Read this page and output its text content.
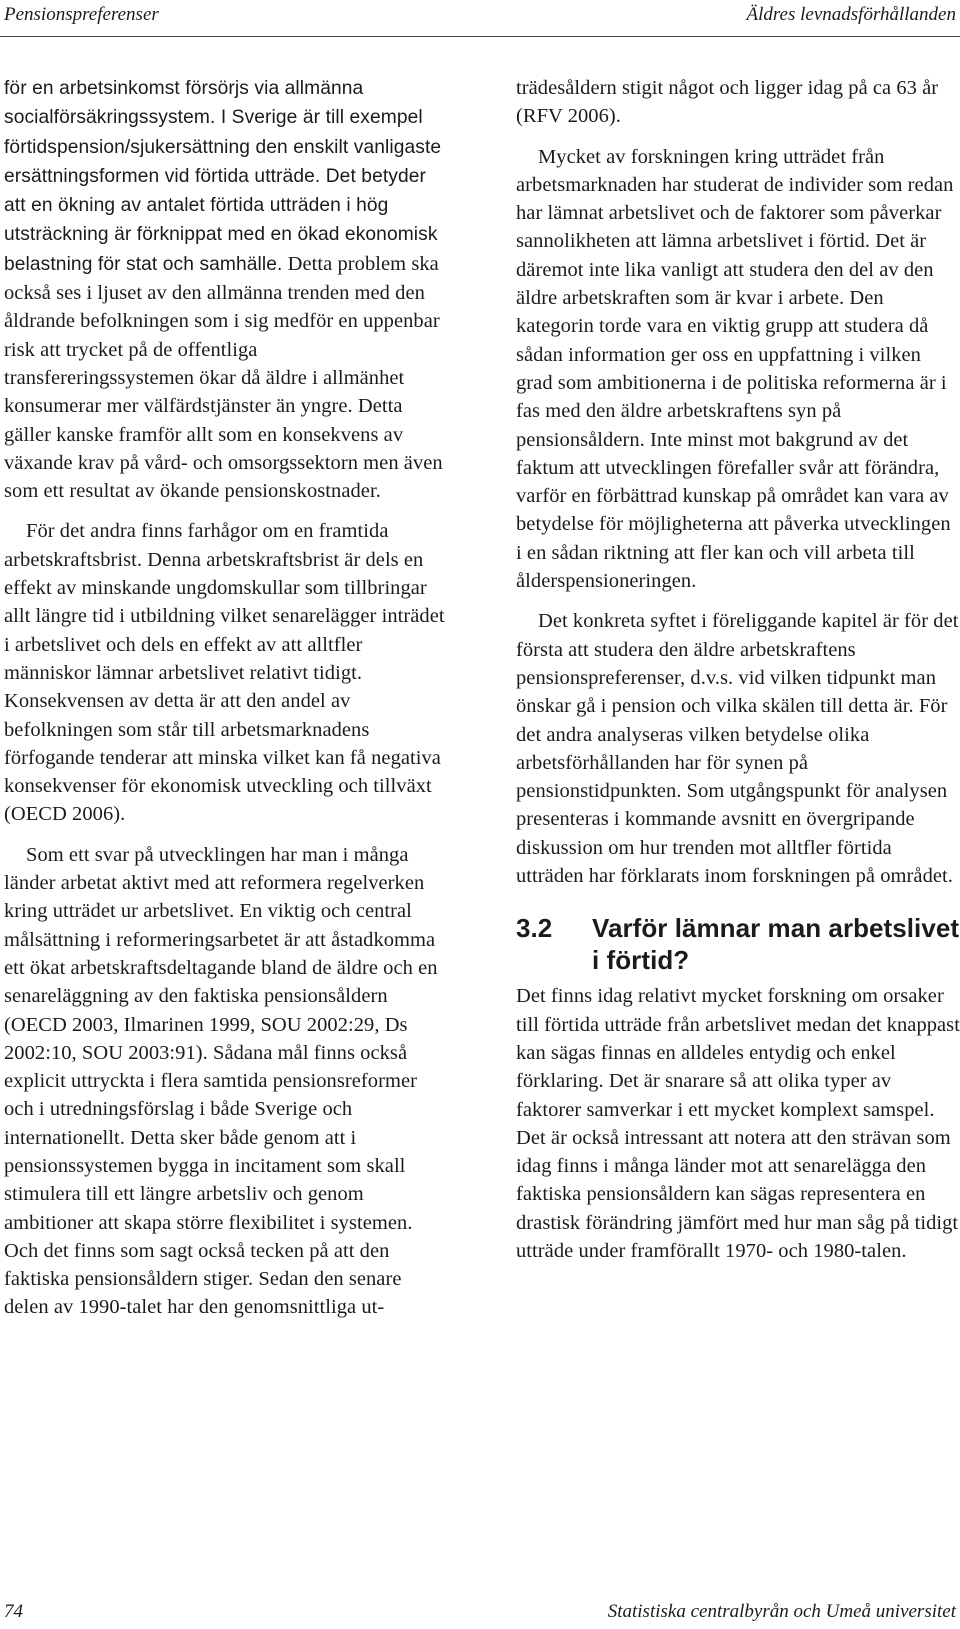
Pensionspreferenser	Äldres levnadsförhållanden

för en arbetsinkomst försörjs via allmänna socialförsäkringssystem. I Sverige är till exempel förtidspension/sjukersättning den enskilt vanligaste ersättningsformen vid förtida utträde. Det betyder att en ökning av antalet förtida utträden i hög utsträckning är förknippat med en ökad ekonomisk belastning för stat och samhälle. Detta problem ska också ses i ljuset av den allmänna trenden med den åldrande befolkningen som i sig medför en uppenbar risk att trycket på de offentliga transfereringssystemen ökar då äldre i allmänhet konsumerar mer välfärdstjänster än yngre. Detta gäller kanske framför allt som en konsekvens av växande krav på vård- och omsorgssektorn men även som ett resultat av ökande pensionskostnader.

För det andra finns farhågor om en framtida arbetskraftsbrist. Denna arbetskraftsbrist är dels en effekt av minskande ungdomskullar som tillbringar allt längre tid i utbildning vilket senarelägger inträdet i arbetslivet och dels en effekt av att alltfler människor lämnar arbetslivet relativt tidigt. Konsekvensen av detta är att den andel av befolkningen som står till arbetsmarknadens förfogande tenderar att minska vilket kan få negativa konsekvenser för ekonomisk utveckling och tillväxt (OECD 2006).

Som ett svar på utvecklingen har man i många länder arbetat aktivt med att reformera regelverken kring utträdet ur arbetslivet. En viktig och central målsättning i reformeringsarbetet är att åstadkomma ett ökat arbetskraftsdeltagande bland de äldre och en senareläggning av den faktiska pensionsåldern (OECD 2003, Ilmarinen 1999, SOU 2002:29, Ds 2002:10, SOU 2003:91). Sådana mål finns också explicit uttryckta i flera samtida pensionsreformer och i utredningsförslag i både Sverige och internationellt. Detta sker både genom att i pensionssystemen bygga in incitament som skall stimulera till ett längre arbetsliv och genom ambitioner att skapa större flexibilitet i systemen. Och det finns som sagt också tecken på att den faktiska pensionsåldern stiger. Sedan den senare delen av 1990-talet har den genomsnittliga ut-

trädesåldern stigit något och ligger idag på ca 63 år (RFV 2006).

Mycket av forskningen kring utträdet från arbetsmarknaden har studerat de individer som redan har lämnat arbetslivet och de faktorer som påverkar sannolikheten att lämna arbetslivet i förtid. Det är däremot inte lika vanligt att studera den del av den äldre arbetskraften som är kvar i arbete. Den kategorin torde vara en viktig grupp att studera då sådan information ger oss en uppfattning i vilken grad som ambitionerna i de politiska reformerna är i fas med den äldre arbetskraftens syn på pensionsåldern. Inte minst mot bakgrund av det faktum att utvecklingen förefaller svår att förändra, varför en förbättrad kunskap på området kan vara av betydelse för möjligheterna att påverka utvecklingen i en sådan riktning att fler kan och vill arbeta till ålderspensioneringen.

Det konkreta syftet i föreliggande kapitel är för det första att studera den äldre arbetskraftens pensionspreferenser, d.v.s. vid vilken tidpunkt man önskar gå i pension och vilka skälen till detta är. För det andra analyseras vilken betydelse olika arbetsförhållanden har för synen på pensionstidpunkten. Som utgångspunkt för analysen presenteras i kommande avsnitt en övergripande diskussion om hur trenden mot alltfler förtida utträden har förklarats inom forskningen på området.

3.2	Varför lämnar man arbetslivet i förtid?

Det finns idag relativt mycket forskning om orsaker till förtida utträde från arbetslivet medan det knappast kan sägas finnas en alldeles entydig och enkel förklaring. Det är snarare så att olika typer av faktorer samverkar i ett mycket komplext samspel. Det är också intressant att notera att den strävan som idag finns i många länder mot att senarelägga den faktiska pensionsåldern kan sägas representera en drastisk förändring jämfört med hur man såg på tidigt utträde under framförallt 1970- och 1980-talen.

74	Statistiska centralbyrån och Umeå universitet
